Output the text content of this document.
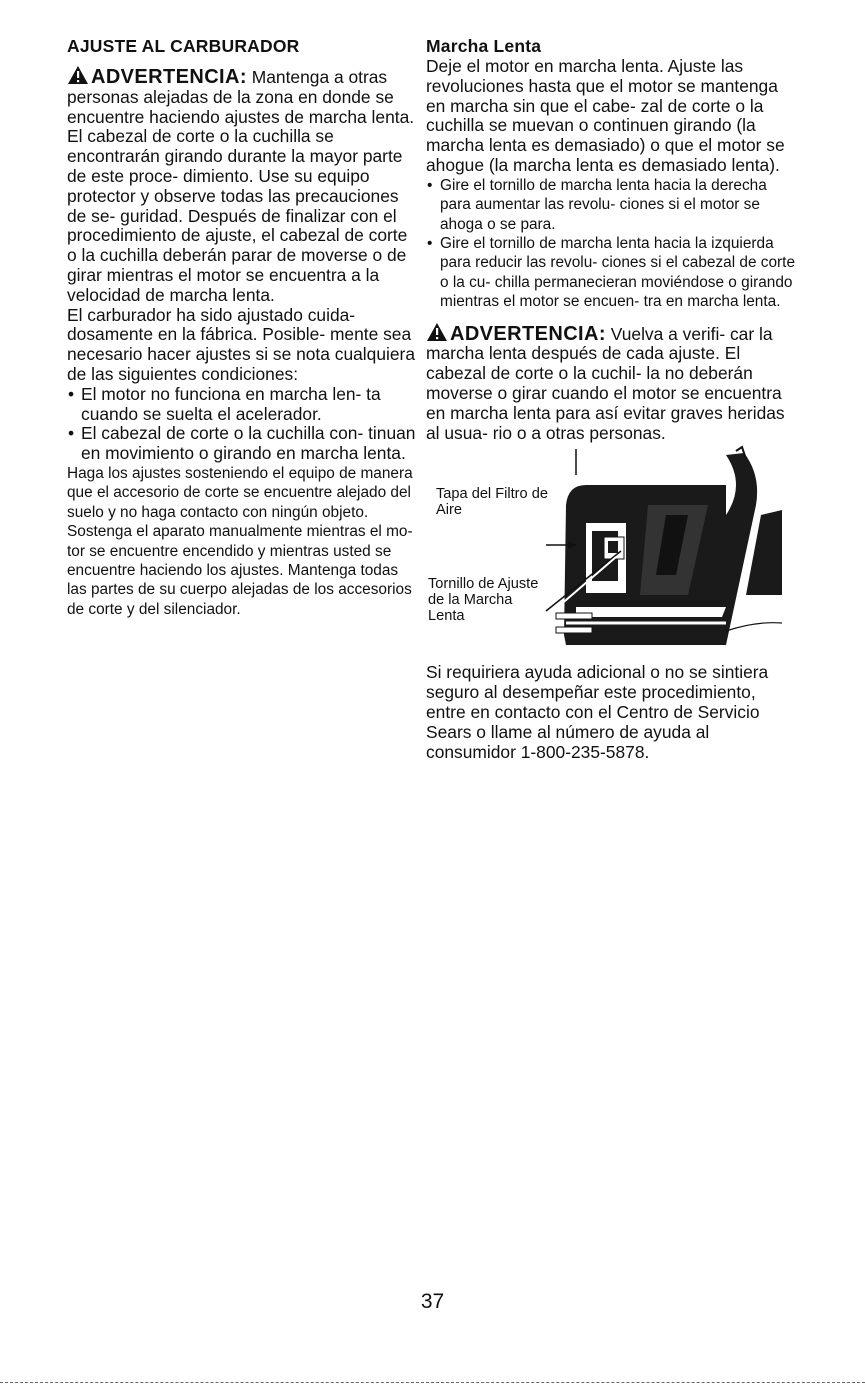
AJUSTE AL CARBURADOR

ADVERTENCIA: Mantenga a otras personas alejadas de la zona en donde se encuentre haciendo ajustes de marcha lenta. El cabezal de corte o la cuchilla se encontrarán girando durante la mayor parte de este proce- dimiento. Use su equipo protector y observe todas las precauciones de se- guridad. Después de finalizar con el procedimiento de ajuste, el cabezal de corte o la cuchilla deberán parar de moverse o de girar mientras el motor se encuentra a la velocidad de marcha lenta.

El carburador ha sido ajustado cuida- dosamente en la fábrica. Posible- mente sea necesario hacer ajustes si se nota cualquiera de las siguientes condiciones:

• El motor no funciona en marcha len- ta cuando se suelta el acelerador.
• El cabezal de corte o la cuchilla con- tinuan en movimiento o girando en marcha lenta.

Haga los ajustes sosteniendo el equipo de manera que el accesorio de corte se encuentre alejado del suelo y no haga contacto con ningún objeto. Sostenga el aparato manualmente mientras el mo- tor se encuentre encendido y mientras usted se encuentre haciendo los ajustes. Mantenga todas las partes de su cuerpo alejadas de los accesorios de corte y del silenciador.

Marcha Lenta

Deje el motor en marcha lenta. Ajuste las revoluciones hasta que el motor se mantenga en marcha sin que el cabe- zal de corte o la cuchilla se muevan o continuen girando (la marcha lenta es demasiado) o que el motor se ahogue (la marcha lenta es demasiado lenta).

• Gire el tornillo de marcha lenta hacia la derecha para aumentar las revolu- ciones si el motor se ahoga o se para.
• Gire el tornillo de marcha lenta hacia la izquierda para reducir las revolu- ciones si el cabezal de corte o la cu- chilla permanecieran moviéndose o girando mientras el motor se encuen- tra en marcha lenta.

ADVERTENCIA: Vuelva a verifi- car la marcha lenta después de cada ajuste. El cabezal de corte o la cuchil- la no deberán moverse o girar cuando el motor se encuentra en marcha lenta para así evitar graves heridas al usua- rio o a otras personas.

Tapa del Filtro de Aire
Tornillo de Ajuste de la Marcha Lenta

Si requiriera ayuda adicional o no se sintiera seguro al desempeñar este procedimiento, entre en contacto con el Centro de Servicio Sears o llame al número de ayuda al consumidor 1-800-235-5878.

37
